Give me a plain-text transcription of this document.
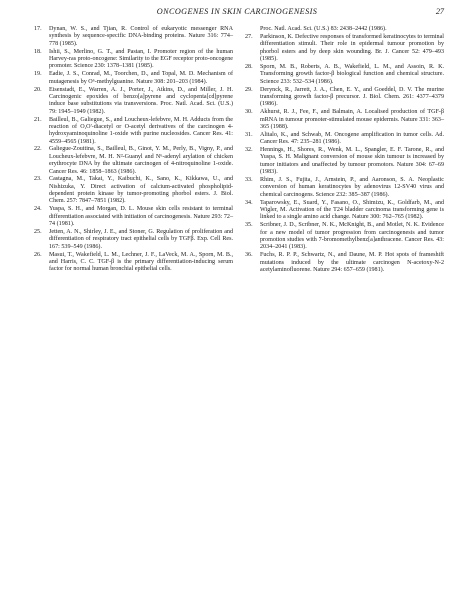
ONCOGENES IN SKIN CARCINOGENESIS	27
17. Dynan, W. S., and Tjian, R. Control of eukaryotic messenger RNA synthesis by sequence-specific DNA-binding proteins. Nature 316: 774–778 (1985).
18. Ishii, S., Merlino, G. T., and Pastan, I. Promoter region of the human Harvey-ras proto-oncogene: Similarity to the EGF receptor proto-oncogene promoter. Science 230: 1378–1381 (1985).
19. Eadie, J. S., Conrad, M., Toorchen, D., and Topal, M. D. Mechanism of mutagenesis by O⁶-methylguanine. Nature 308: 201–203 (1984).
20. Eisenstadt, E., Warren, A. J., Porter, J., Atkins, D., and Miller, J. H. Carcinogenic epoxides of benzo[a]pyrene and cyclopenta[cd]pyrene induce base substitutions via transversions. Proc. Natl. Acad. Sci. (U.S.) 79: 1945–1949 (1982).
21. Bailleul, B., Galiegue, S., and Loucheux-lefebvre, M. H. Adducts from the reaction of O,O'-diacetyl or O-acetyl derivatives of the carcinogen 4-hydroxyaminoquinoline 1-oxide with purine nucleosides. Cancer Res. 41: 4559–4565 (1981).
22. Galiegue-Zouitina, S., Bailleul, B., Ginot, Y. M., Perly, B., Vigny, P., and Loucheux-lefebvre, M. H. N²-Guanyl and N⁶-adenyl arylation of chicken erythrocyte DNA by the ultimate carcinogen of 4-nitroquinoline 1-oxide. Cancer Res. 46: 1858–1863 (1986).
23. Castagna, M., Takai, Y., Kaibuchi, K., Sano, K., Kikkawa, U., and Nishizuka, Y. Direct activation of calcium-activated phospholipid-dependent protein kinase by tumor-promoting phorbol esters. J. Biol. Chem. 257: 7847–7851 (1982).
24. Yuspa, S. H., and Morgan, D. L. Mouse skin cells resistant to terminal differentiation associated with initiation of carcinogenesis. Nature 293: 72–74 (1981).
25. Jetten, A. N., Shirley, J. E., and Stoner, G. Regulation of proliferation and differentiation of respiratory tract epithelial cells by TGFβ. Exp. Cell Res. 167: 539–549 (1986).
26. Masui, T., Wakefield, L. M., Lechner, J. F., LaVeck, M. A., Sporn, M. B., and Harris, C. C. TGF-β is the primary differentiation-inducing serum factor for normal human bronchial epithelial cells.
Proc. Natl. Acad. Sci. (U.S.) 83: 2438–2442 (1986).
27. Parkinson, K. Defective responses of transformed keratinocytes to terminal differentiation stimuli. Their role in epidermal tumour promotion by phorbol esters and by deep skin wounding. Br. J. Cancer 52: 479–493 (1985).
28. Sporn, M. B., Roberts, A. B., Wakefield, L. M., and Assoin, R. K. Transforming growth factor-β biological function and chemical structure. Science 233: 532–534 (1986).
29. Derynck, R., Jarrett, J. A., Chen, E. Y., and Goeddel, D. V. The murine transforming growth factor-β precursor. J. Biol. Chem. 261: 4377–4379 (1986).
30. Akhurst, R. J., Fee, F., and Balmain, A. Localised production of TGF-β mRNA in tumour promoter-stimulated mouse epidermis. Nature 331: 363–365 (1988).
31. Alitalo, K., and Schwab, M. Oncogene amplification in tumor cells. Ad. Cancer Res. 47: 235–281 (1986).
32. Hennings, H., Shores, R., Wenk, M. L., Spangler, E. F. Tarone, R., and Yuspa, S. H. Malignant conversion of mouse skin tumour is increased by tumor initiators and unaffected by tumour promotors. Nature 304: 67–69 (1983).
33. Rhim, J. S., Fujita, J., Arnstein, P., and Aaronson, S. A. Neoplastic conversion of human keratinocytes by adenovirus 12-SV40 virus and chemical carcinogens. Science 232: 385–387 (1986).
34. Taparowsky, E., Suard, Y., Fasano, O., Shimizu, K., Goldfarb, M., and Wigler, M. Activation of the T24 bladder carcinoma transforming gene is linked to a single amino acid change. Nature 300: 762–765 (1982).
35. Scribner, J. D., Scribner, N. K., McKnight, B., and Motlet, N. K. Evidence for a new model of tumor progression from carcinogenesis and tumor promotion studies with 7-bromomethylbenz[a]anthracene. Cancer Res. 43: 2034–2041 (1983).
36. Fuchs, R. P. P., Schwartz, N., and Daune, M. P. Hot spots of frameshift mutations induced by the ultimate carcinogen N-acetoxy-N-2 acetylaminofluorene. Nature 294: 657–659 (1981).
